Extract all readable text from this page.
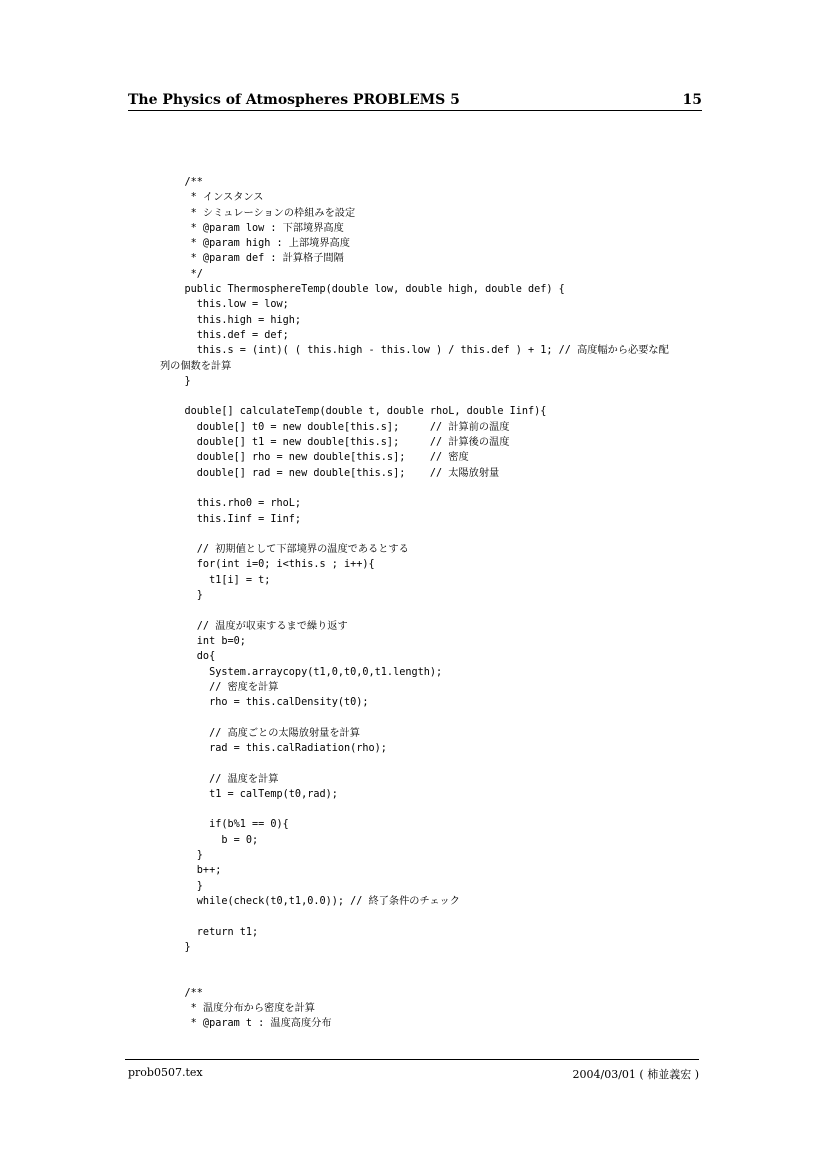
The Physics of Atmospheres PROBLEMS 5	15
/**
* インスタンス
* シミュレーションの枠組みを設定
* @param low : 下部境界高度
* @param high : 上部境界高度
* @param def : 計算格子間隔
*/
public ThermosphereTemp(double low, double high, double def) {
this.low = low;
this.high = high;
this.def = def;
this.s = (int)( ( this.high - this.low ) / this.def ) + 1; // 高度幅から必要な配
列の個数を計算
}
double[] calculateTemp(double t, double rhoL, double Iinf){
double[] t0 = new double[this.s];     // 計算前の温度
double[] t1 = new double[this.s];     // 計算後の温度
double[] rho = new double[this.s];    // 密度
double[] rad = new double[this.s];    // 太陽放射量
this.rho0 = rhoL;
this.Iinf = Iinf;
// 初期値として下部境界の温度であるとする
for(int i=0; i<this.s ; i++){
t1[i] = t;
}
// 温度が収束するまで繰り返す
int b=0;
do{
System.arraycopy(t1,0,t0,0,t1.length);
// 密度を計算
rho = this.calDensity(t0);
// 高度ごとの太陽放射量を計算
rad = this.calRadiation(rho);
// 温度を計算
t1 = calTemp(t0,rad);
if(b%1 == 0){
b = 0;
}
b++;
}
while(check(t0,t1,0.0)); // 終了条件のチェック
return t1;
}
/**
* 温度分布から密度を計算
* @param t : 温度高度分布
prob0507.tex	2004/03/01 ( 柿並義宏 )
